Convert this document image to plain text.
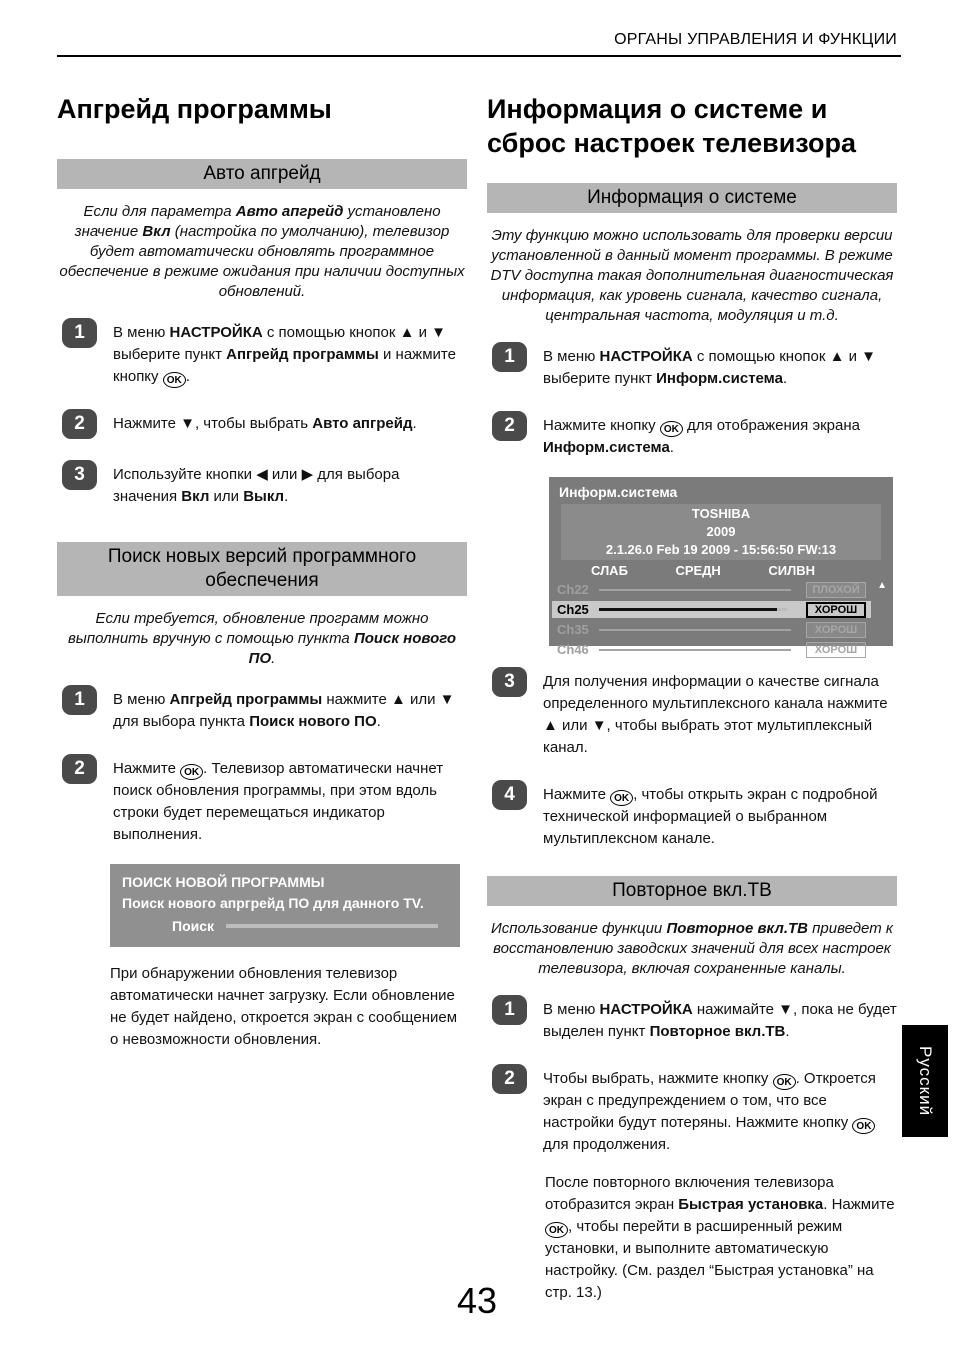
ОРГАНЫ УПРАВЛЕНИЯ И ФУНКЦИИ
Апгрейд программы
Авто апгрейд

Если для параметра Авто апгрейд установлено значение Вкл (настройка по умолчанию), телевизор будет автоматически обновлять программное обеспечение в режиме ожидания при наличии доступных обновлений.

1	В меню НАСТРОЙКА с помощью кнопок ▲ и ▼ выберите пункт Апгрейд программы и нажмите кнопку OK .
2	Нажмите ▼, чтобы выбрать Авто апгрейд.
3	Используйте кнопки ◀ или ▶ для выбора значения Вкл или Выкл.
Поиск новых версий программного обеспечения

Если требуется, обновление программ можно выполнить вручную с помощью пункта Поиск нового ПО.

1	В меню Апгрейд программы нажмите ▲ или ▼ для выбора пункта Поиск нового ПО.
2	Нажмите OK . Телевизор автоматически начнет поиск обновления программы, при этом вдоль строки будет перемещаться индикатор выполнения.
ПОИСК НОВОЙ ПРОГРАММЫ
Поиск нового апргрейд ПО для данного TV.
Поиск

При обнаружении обновления телевизор автоматически начнет загрузку. Если обновление не будет найдено, откроется экран с сообщением о невозможности обновления.

Информация о системе и сброс настроек телевизора
Информация о системе

Эту функцию можно использовать для проверки версии установленной в данный момент программы. В режиме DTV доступна такая дополнительная диагностическая информация, как уровень сигнала, качество сигнала, центральная частота, модуляция и т.д.

1	В меню НАСТРОЙКА с помощью кнопок ▲ и ▼ выберите пункт Информ.система.
2	Нажмите кнопку OK для отображения экрана Информ.система.
Информ.система
TOSHIBA
2009
2.1.26.0 Feb 19 2009 - 15:56:50 FW:13
СЛАБ	СРЕДН	СИЛВН
Ch22	ПЛОХОЙ
Ch25	ХОРОШ
Ch35	ХОРОШ
Ch46	ХОРОШ
▲
▼
3	Для получения информации о качестве сигнала определенного мультиплексного канала нажмите ▲ или ▼, чтобы выбрать этот мультиплексный канал.
4	Нажмите OK , чтобы открыть экран с подробной технической информацией о выбранном мультиплексном канале.
Повторное вкл.ТВ

Использование функции Повторное вкл.ТВ приведет к восстановлению заводских значений для всех настроек телевизора, включая сохраненные каналы.

1	В меню НАСТРОЙКА нажимайте ▼, пока не будет выделен пункт Повторное вкл.ТВ.
2	Чтобы выбрать, нажмите кнопку OK . Откроется экран с предупреждением о том, что все настройки будут потеряны. Нажмите кнопку OK для продолжения.

После повторного включения телевизора отобразится экран Быстрая установка. Нажмите OK , чтобы перейти в расширенный режим установки, и выполните автоматическую настройку. (См. раздел “Быстрая установка” на стр. 13.)

Русский
43
